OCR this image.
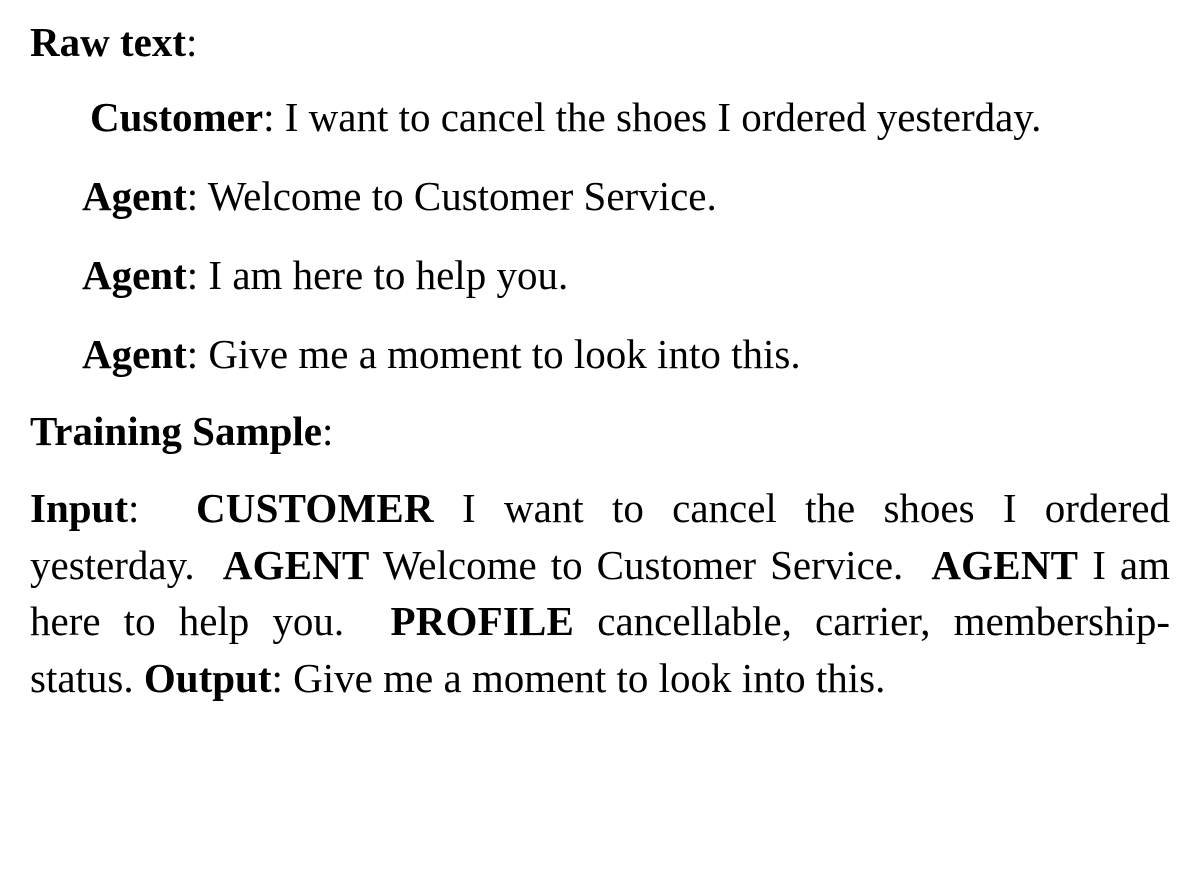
Raw text:

Customer: I want to cancel the shoes I ordered yesterday.

Agent: Welcome to Customer Service.

Agent: I am here to help you.

Agent: Give me a moment to look into this.

Training Sample:

Input: CUSTOMER I want to cancel the shoes I ordered yesterday. AGENT Welcome to Customer Service. AGENT I am here to help you. PROFILE cancellable, carrier, membership-status. Output: Give me a moment to look into this.
